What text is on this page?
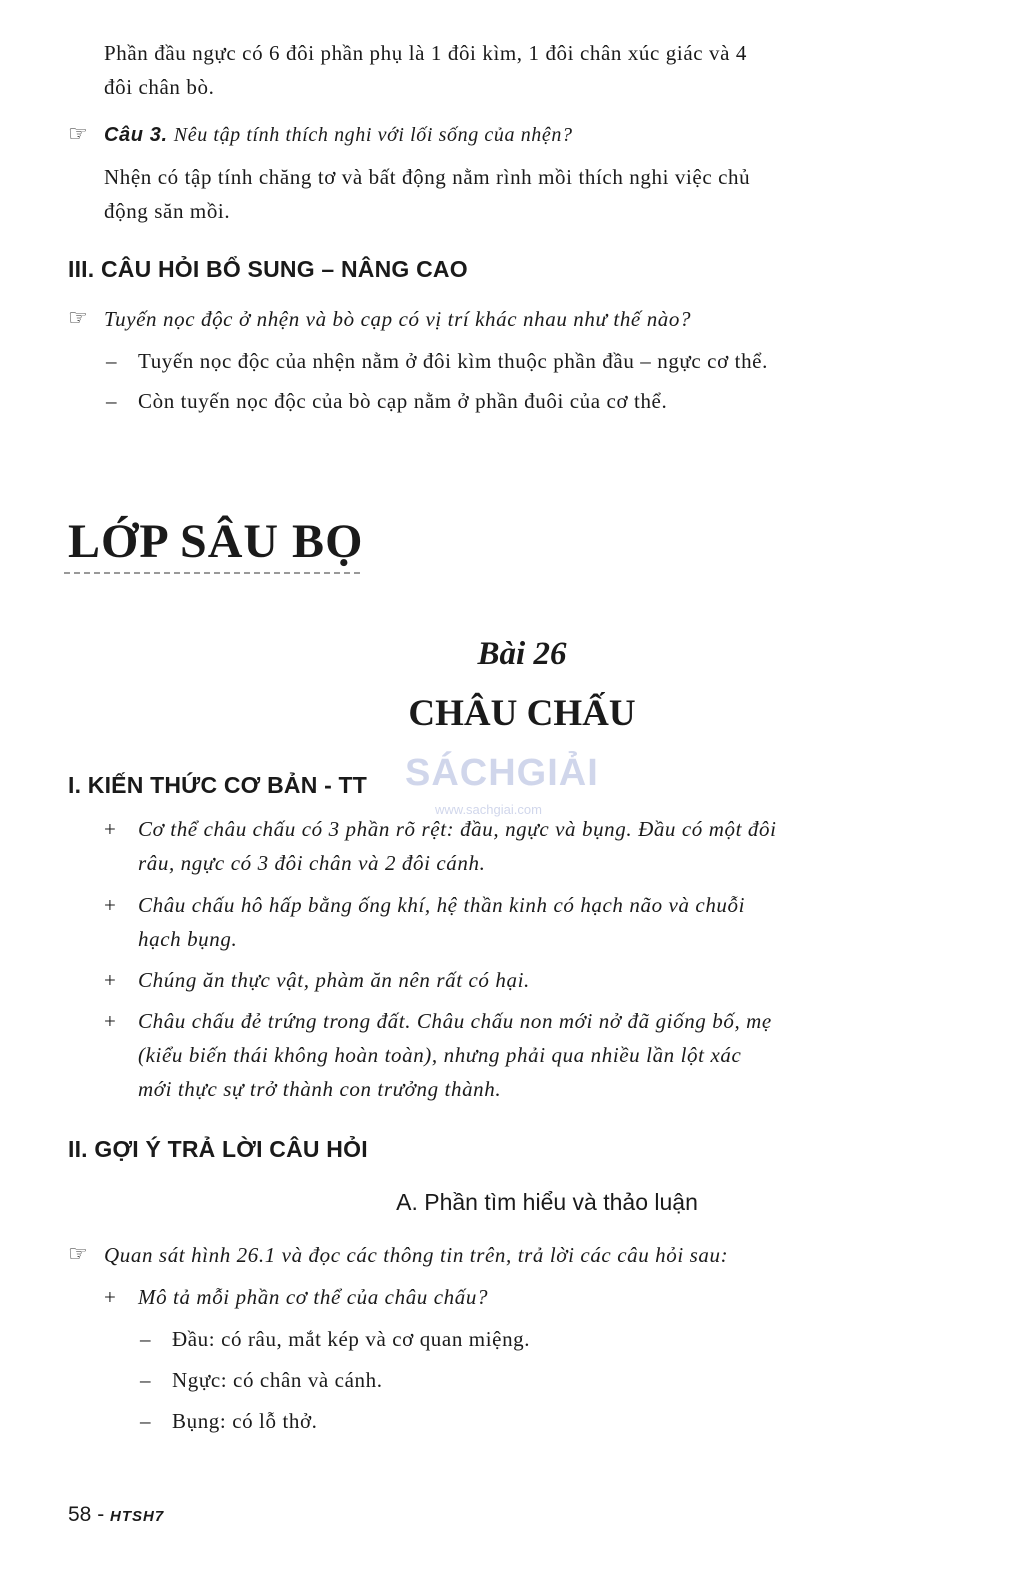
Phần đầu ngực có 6 đôi phần phụ là 1 đôi kìm, 1 đôi chân xúc giác và 4
đôi chân bò.
☞ Câu 3. Nêu tập tính thích nghi với lối sống của nhện?
Nhện có tập tính chăng tơ và bất động nằm rình mồi thích nghi việc chủ
động săn mồi.
III. CÂU HỎI BỔ SUNG – NÂNG CAO
☞ Tuyến nọc độc ở nhện và bò cạp có vị trí khác nhau như thế nào?
– Tuyến nọc độc của nhện nằm ở đôi kìm thuộc phần đầu – ngực cơ thể.
– Còn tuyến nọc độc của bò cạp nằm ở phần đuôi của cơ thể.
LỚP SÂU BỌ
Bài 26
CHÂU CHẤU
SÁCHGIẢI
www.sachgiai.com
I. KIẾN THỨC CƠ BẢN - TT
+ Cơ thể châu chấu có 3 phần rõ rệt: đầu, ngực và bụng. Đầu có một đôi
râu, ngực có 3 đôi chân và 2 đôi cánh.
+ Châu chấu hô hấp bằng ống khí, hệ thần kinh có hạch não và chuỗi
hạch bụng.
+ Chúng ăn thực vật, phàm ăn nên rất có hại.
+ Châu chấu đẻ trứng trong đất. Châu chấu non mới nở đã giống bố, mẹ
(kiểu biến thái không hoàn toàn), nhưng phải qua nhiều lần lột xác
mới thực sự trở thành con trưởng thành.
II. GỢI Ý TRẢ LỜI CÂU HỎI
A. Phần tìm hiểu và thảo luận
☞ Quan sát hình 26.1 và đọc các thông tin trên, trả lời các câu hỏi sau:
+ Mô tả mỗi phần cơ thể của châu chấu?
– Đầu: có râu, mắt kép và cơ quan miệng.
– Ngực: có chân và cánh.
– Bụng: có lỗ thở.
58 - HTSH7
